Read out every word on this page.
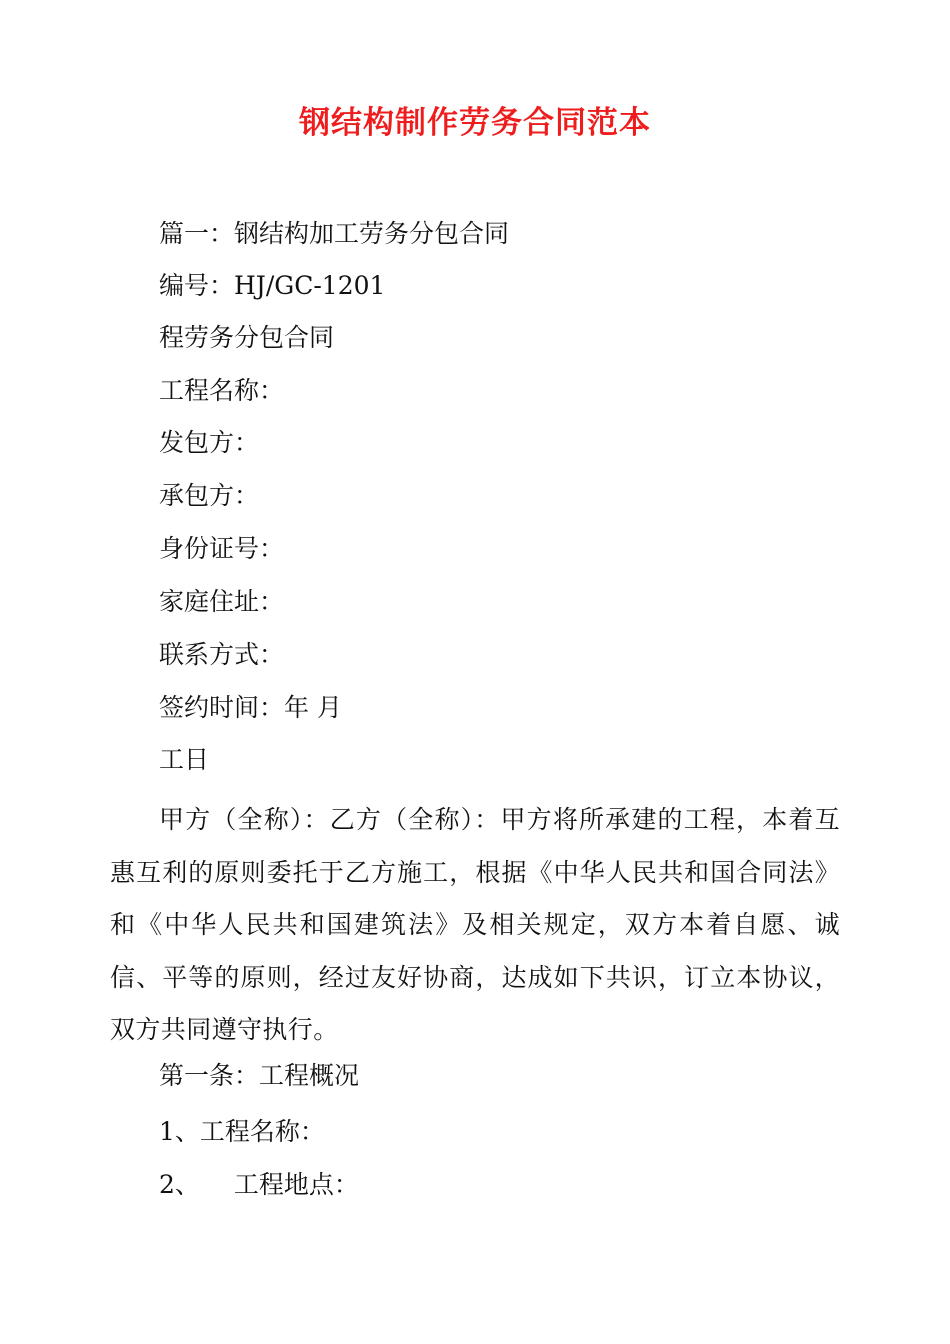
钢结构制作劳务合同范本
篇一：钢结构加工劳务分包合同
编号：HJ/GC-1201
程劳务分包合同
工程名称：
发包方：
承包方：
身份证号：
家庭住址：
联系方式：
签约时间：年 月
工日
甲方（全称）：乙方（全称）：甲方将所承建的工程，本着互 惠互利的原则委托于乙方施工，根据《中华人民共和国合同法》和《中华人民共和国建筑法》及相关规定，双方本着自愿、诚信、平等的原则，经过友好协商，达成如下共识，订立本协议，双方共同遵守执行。
第一条：工程概况
1、工程名称：
2、 工程地点：
